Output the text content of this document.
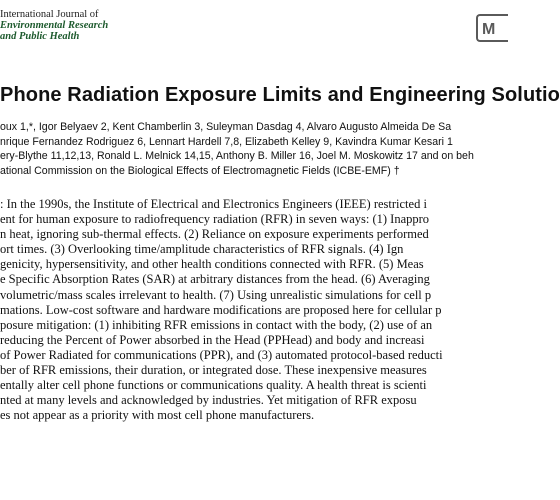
International Journal of
Environmental Research
and Public Health	M
Phone Radiation Exposure Limits and Engineering Solutio
oux 1,*, Igor Belyaev 2, Kent Chamberlin 3, Suleyman Dasdag 4, Alvaro Augusto Almeida De Sa
nrique Fernandez Rodriguez 6, Lennart Hardell 7,8, Elizabeth Kelley 9, Kavindra Kumar Kesari 1
ery-Blythe 11,12,13, Ronald L. Melnick 14,15, Anthony B. Miller 16, Joel M. Moskowitz 17 and on beh
ational Commission on the Biological Effects of Electromagnetic Fields (ICBE-EMF) †
: In the 1990s, the Institute of Electrical and Electronics Engineers (IEEE) restricted i
ent for human exposure to radiofrequency radiation (RFR) in seven ways: (1) Inappro
n heat, ignoring sub-thermal effects. (2) Reliance on exposure experiments performed
ort times. (3) Overlooking time/amplitude characteristics of RFR signals. (4) Ign
genicity, hypersensitivity, and other health conditions connected with RFR. (5) Meas
e Specific Absorption Rates (SAR) at arbitrary distances from the head. (6) Averaging
volumetric/mass scales irrelevant to health. (7) Using unrealistic simulations for cell p
mations. Low-cost software and hardware modifications are proposed here for cellular p
posure mitigation: (1) inhibiting RFR emissions in contact with the body, (2) use of an
reducing the Percent of Power absorbed in the Head (PPHead) and body and increasi
of Power Radiated for communications (PPR), and (3) automated protocol-based reducti
ber of RFR emissions, their duration, or integrated dose. These inexpensive measures
entally alter cell phone functions or communications quality. A health threat is scienti
nted at many levels and acknowledged by industries. Yet mitigation of RFR exposu
es not appear as a priority with most cell phone manufacturers.
